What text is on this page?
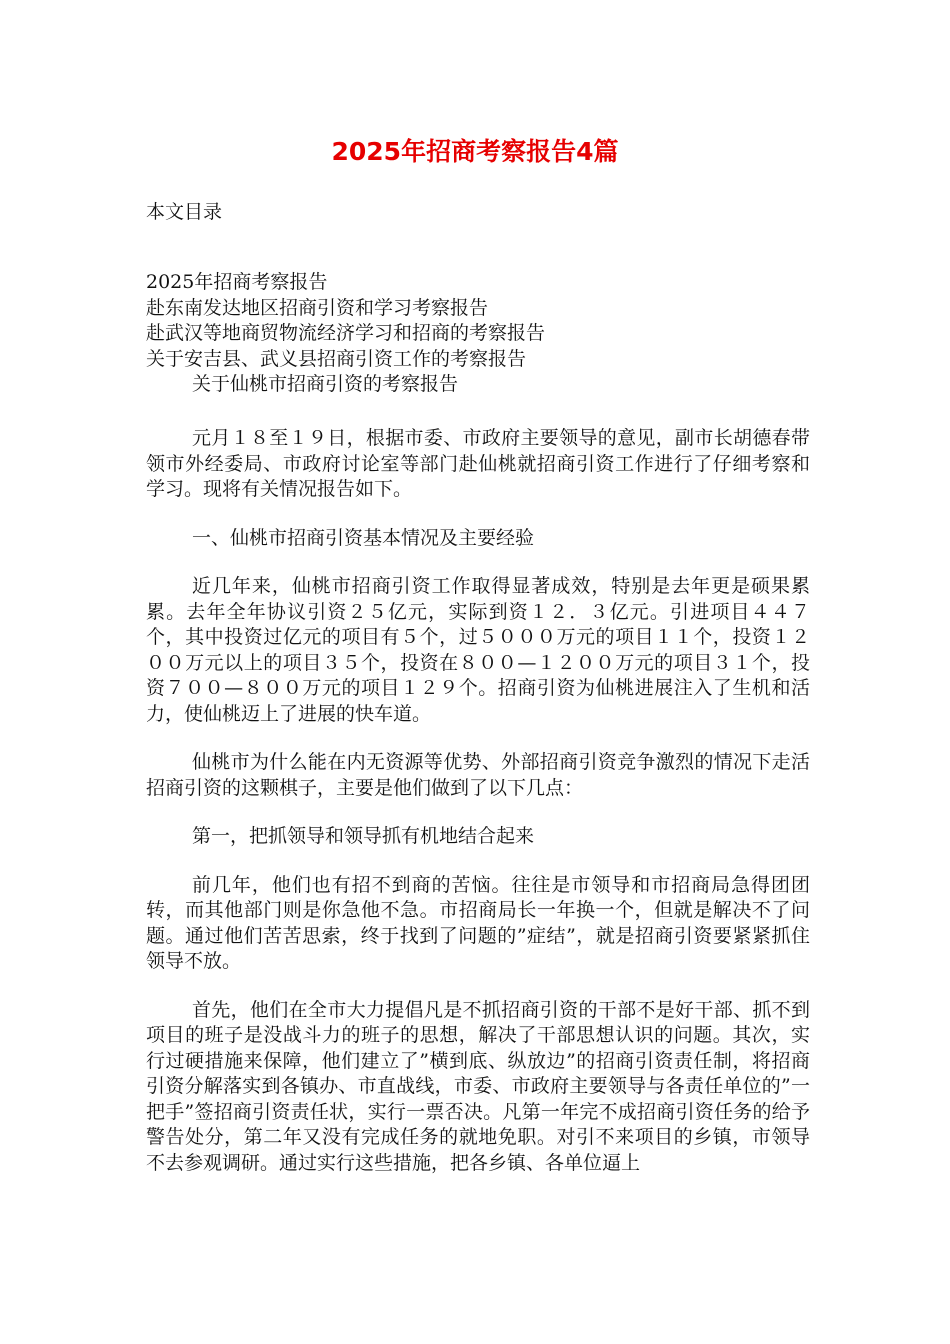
2025年招商考察报告4篇
本文目录
2025年招商考察报告
赴东南发达地区招商引资和学习考察报告
赴武汉等地商贸物流经济学习和招商的考察报告
关于安吉县、武义县招商引资工作的考察报告
关于仙桃市招商引资的考察报告

元月１８至１９日，根据市委、市政府主要领导的意见，副市长胡德春带领市外经委局、市政府讨论室等部门赴仙桃就招商引资工作进行了仔细考察和学习。现将有关情况报告如下。

一、仙桃市招商引资基本情况及主要经验

近几年来，仙桃市招商引资工作取得显著成效，特别是去年更是硕果累累。去年全年协议引资２５亿元，实际到资１２．３亿元。引进项目４４７个，其中投资过亿元的项目有５个，过５０００万元的项目１１个，投资１２００万元以上的项目３５个，投资在８００—１２００万元的项目３１个，投资７００—８００万元的项目１２９个。招商引资为仙桃进展注入了生机和活力，使仙桃迈上了进展的快车道。

仙桃市为什么能在内无资源等优势、外部招商引资竞争激烈的情况下走活招商引资的这颗棋子，主要是他们做到了以下几点：

第一，把抓领导和领导抓有机地结合起来

前几年，他们也有招不到商的苦恼。往往是市领导和市招商局急得团团转，而其他部门则是你急他不急。市招商局长一年换一个，但就是解决不了问题。通过他们苦苦思索，终于找到了问题的”症结”，就是招商引资要紧紧抓住领导不放。

首先，他们在全市大力提倡凡是不抓招商引资的干部不是好干部、抓不到项目的班子是没战斗力的班子的思想，解决了干部思想认识的问题。其次，实行过硬措施来保障，他们建立了”横到底、纵放边”的招商引资责任制，将招商引资分解落实到各镇办、市直战线，市委、市政府主要领导与各责任单位的”一把手”签招商引资责任状，实行一票否决。凡第一年完不成招商引资任务的给予警告处分，第二年又没有完成任务的就地免职。对引不来项目的乡镇，市领导不去参观调研。通过实行这些措施，把各乡镇、各单位逼上
